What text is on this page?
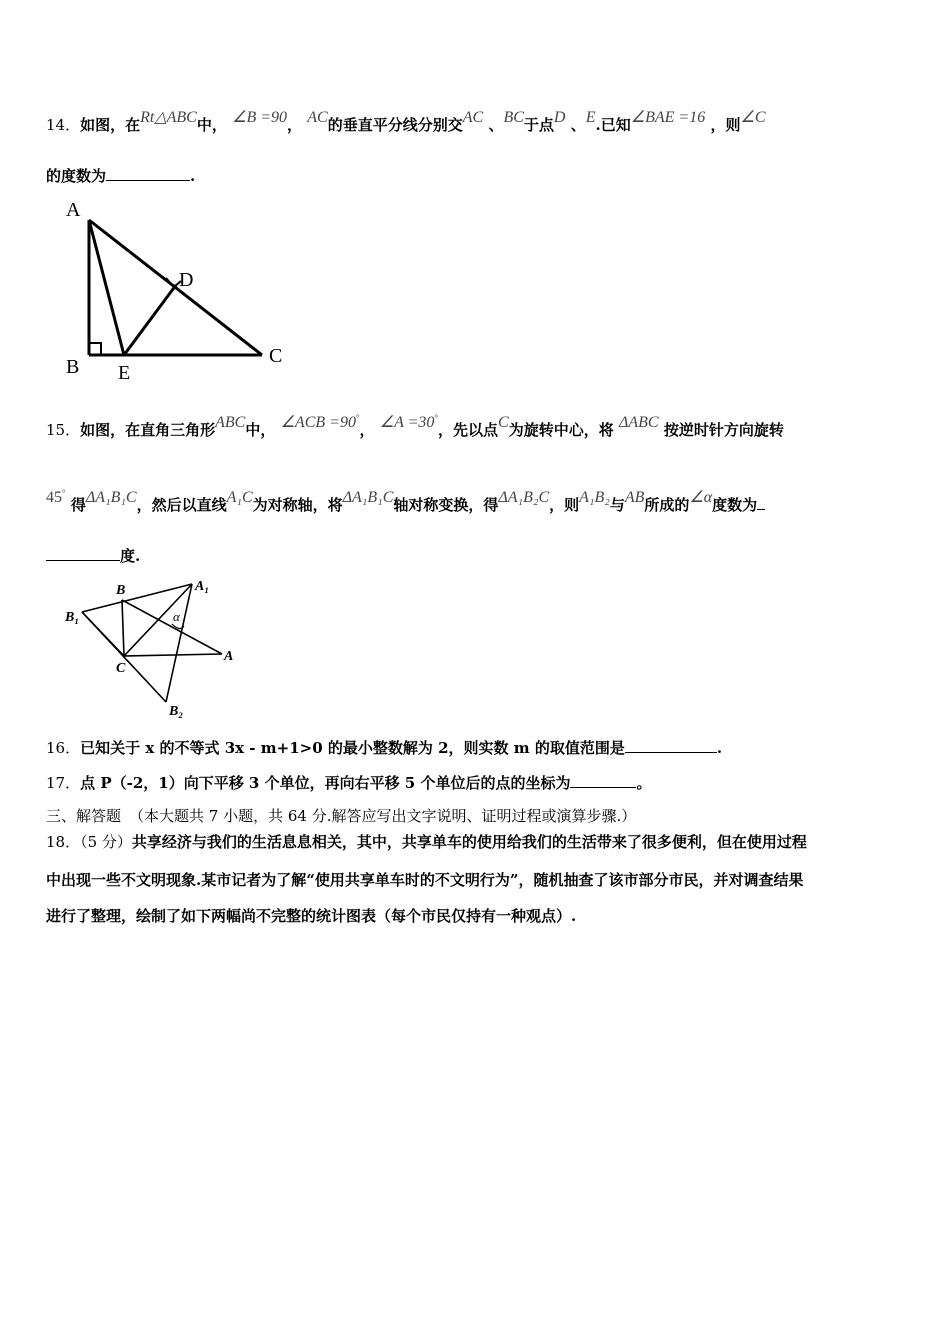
14．如图，在Rt△ABC中， ∠B =90， AC的垂直平分线分别交AC 、BC于点D 、E.已知∠BAE =16 ，则∠C
的度数为	.
A
B	C
D
E
15．如图，在直角三角形ABC中， ∠ACB =90°， ∠A =30°，先以点C为旋转中心，将 ΔABC 按逆时针方向旋转
45° 得ΔA₁B₁C，然后以直线A₁C为对称轴，将ΔA₁B₁C轴对称变换，得ΔA₁B₂C，则A₁B₂与AB所成的∠α度数为
度.
B	A₁
B₁	α
C
A
B₂
16．已知关于 x 的不等式 3x - m+1>0 的最小整数解为 2，则实数 m 的取值范围是	.
17．点 P（-2，1）向下平移 3 个单位，再向右平移 5 个单位后的点的坐标为	。
三、解答题 （本大题共 7 小题，共 64 分.解答应写出文字说明、证明过程或演算步骤.）
18．（5 分）共享经济与我们的生活息息相关，其中，共享单车的使用给我们的生活带来了很多便利，但在使用过程
中出现一些不文明现象.某市记者为了解“使用共享单车时的不文明行为”，随机抽查了该市部分市民，并对调查结果
进行了整理，绘制了如下两幅尚不完整的统计图表（每个市民仅持有一种观点）.
